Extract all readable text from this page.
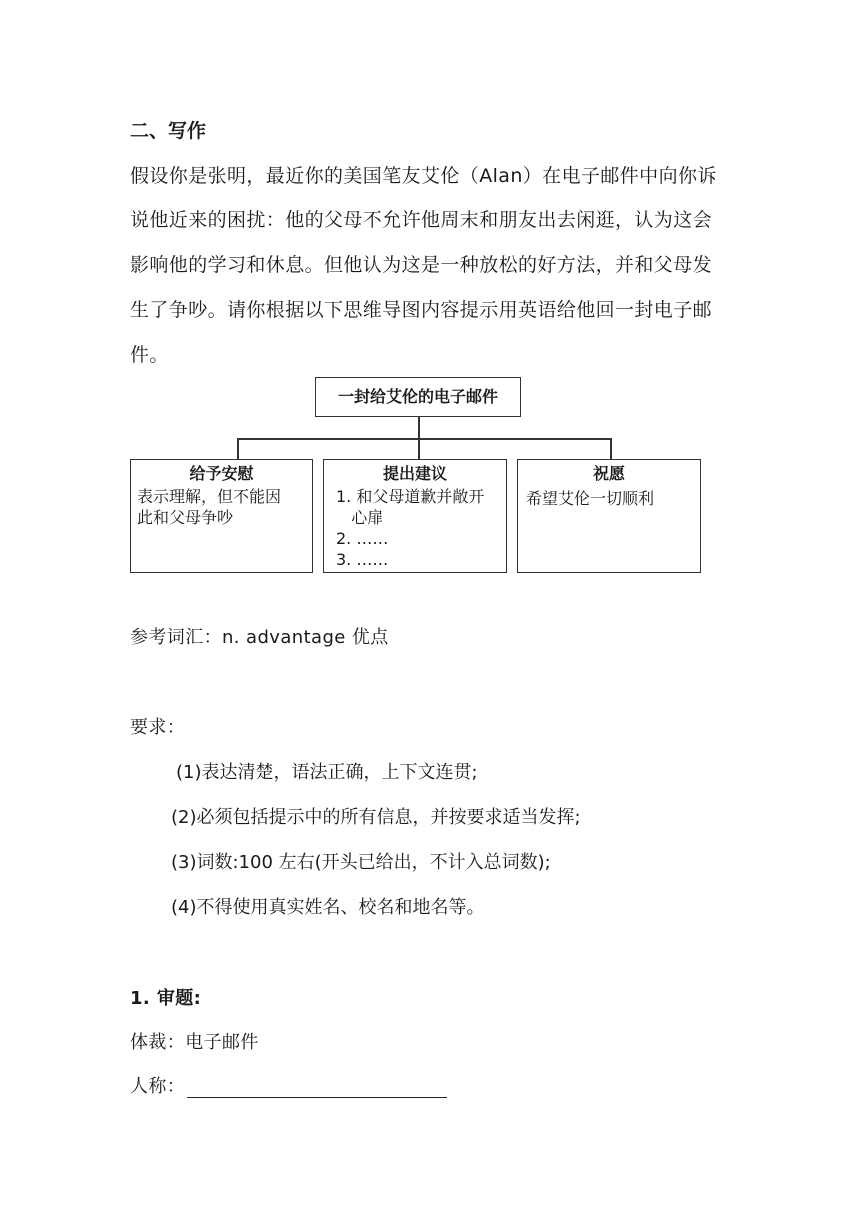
二、写作
假设你是张明，最近你的美国笔友艾伦（Alan）在电子邮件中向你诉
说他近来的困扰：他的父母不允许他周末和朋友出去闲逛，认为这会
影响他的学习和休息。但他认为这是一种放松的好方法，并和父母发
生了争吵。请你根据以下思维导图内容提示用英语给他回一封电子邮
件。
一封给艾伦的电子邮件
给予安慰
表示理解，但不能因
此和父母争吵
提出建议
1. 和父母道歉并敞开
心扉
2. ……
3. ……
祝愿
希望艾伦一切顺利
参考词汇：n. advantage 优点
要求：
(1)表达清楚，语法正确，上下文连贯;
(2)必须包括提示中的所有信息，并按要求适当发挥;
(3)词数:100 左右(开头已给出，不计入总词数);
(4)不得使用真实姓名、校名和地名等。
1. 审题:
体裁：电子邮件
人称：
